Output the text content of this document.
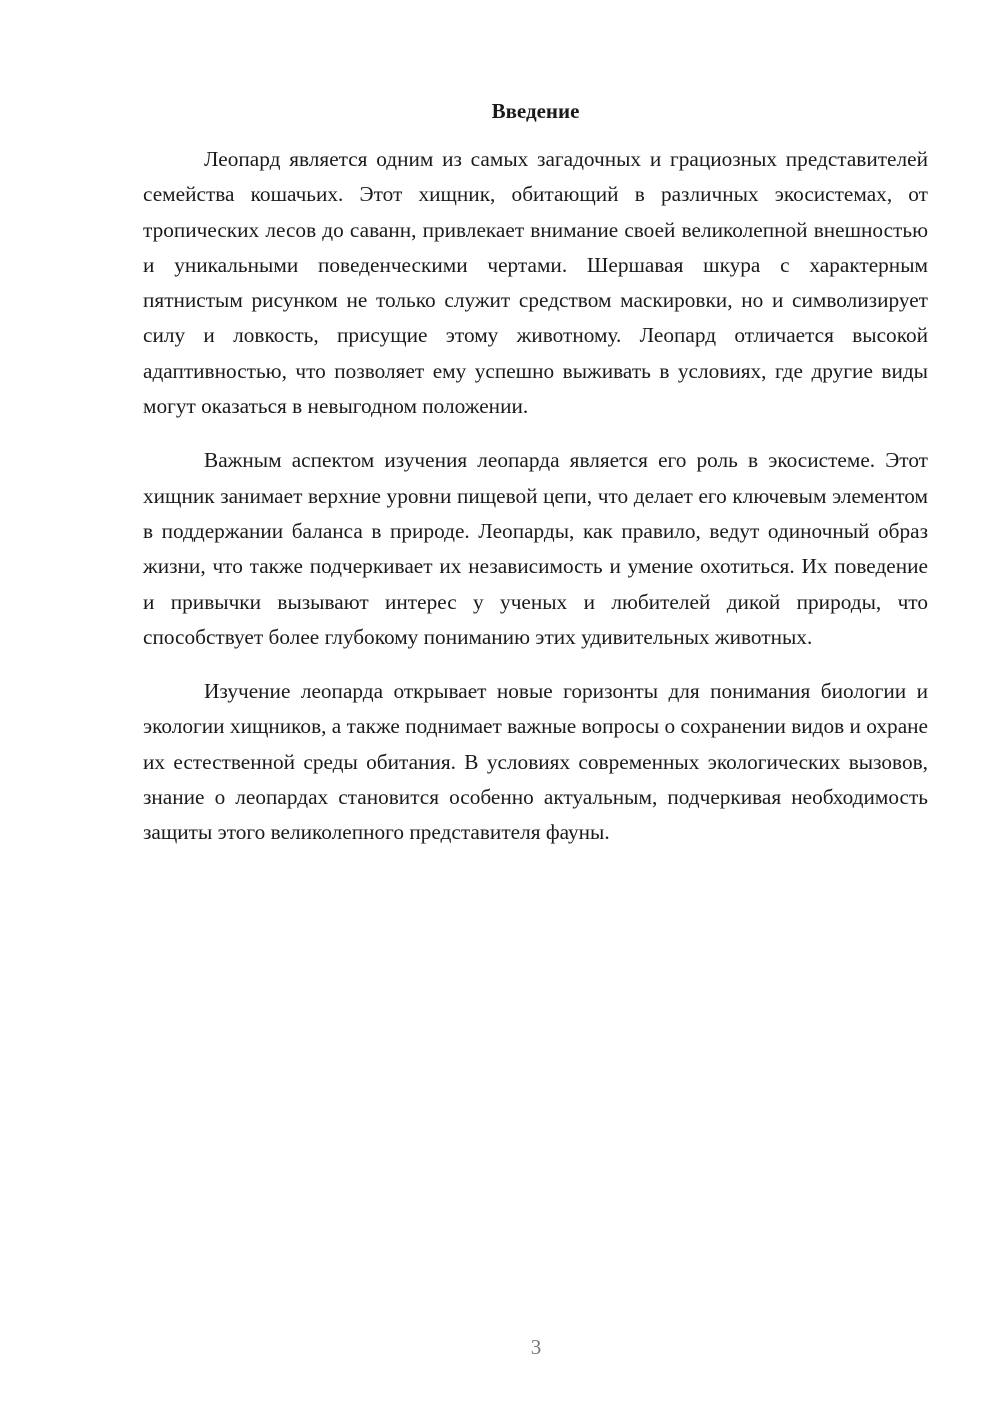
Введение

Леопард является одним из самых загадочных и грациозных представителей семейства кошачьих. Этот хищник, обитающий в различных экосистемах, от тропических лесов до саванн, привлекает внимание своей великолепной внешностью и уникальными поведенческими чертами. Шершавая шкура с характерным пятнистым рисунком не только служит средством маскировки, но и символизирует силу и ловкость, присущие этому животному. Леопард отличается высокой адаптивностью, что позволяет ему успешно выживать в условиях, где другие виды могут оказаться в невыгодном положении.

Важным аспектом изучения леопарда является его роль в экосистеме. Этот хищник занимает верхние уровни пищевой цепи, что делает его ключевым элементом в поддержании баланса в природе. Леопарды, как правило, ведут одиночный образ жизни, что также подчеркивает их независимость и умение охотиться. Их поведение и привычки вызывают интерес у ученых и любителей дикой природы, что способствует более глубокому пониманию этих удивительных животных.

Изучение леопарда открывает новые горизонты для понимания биологии и экологии хищников, а также поднимает важные вопросы о сохранении видов и охране их естественной среды обитания. В условиях современных экологических вызовов, знание о леопардах становится особенно актуальным, подчеркивая необходимость защиты этого великолепного представителя фауны.

3
